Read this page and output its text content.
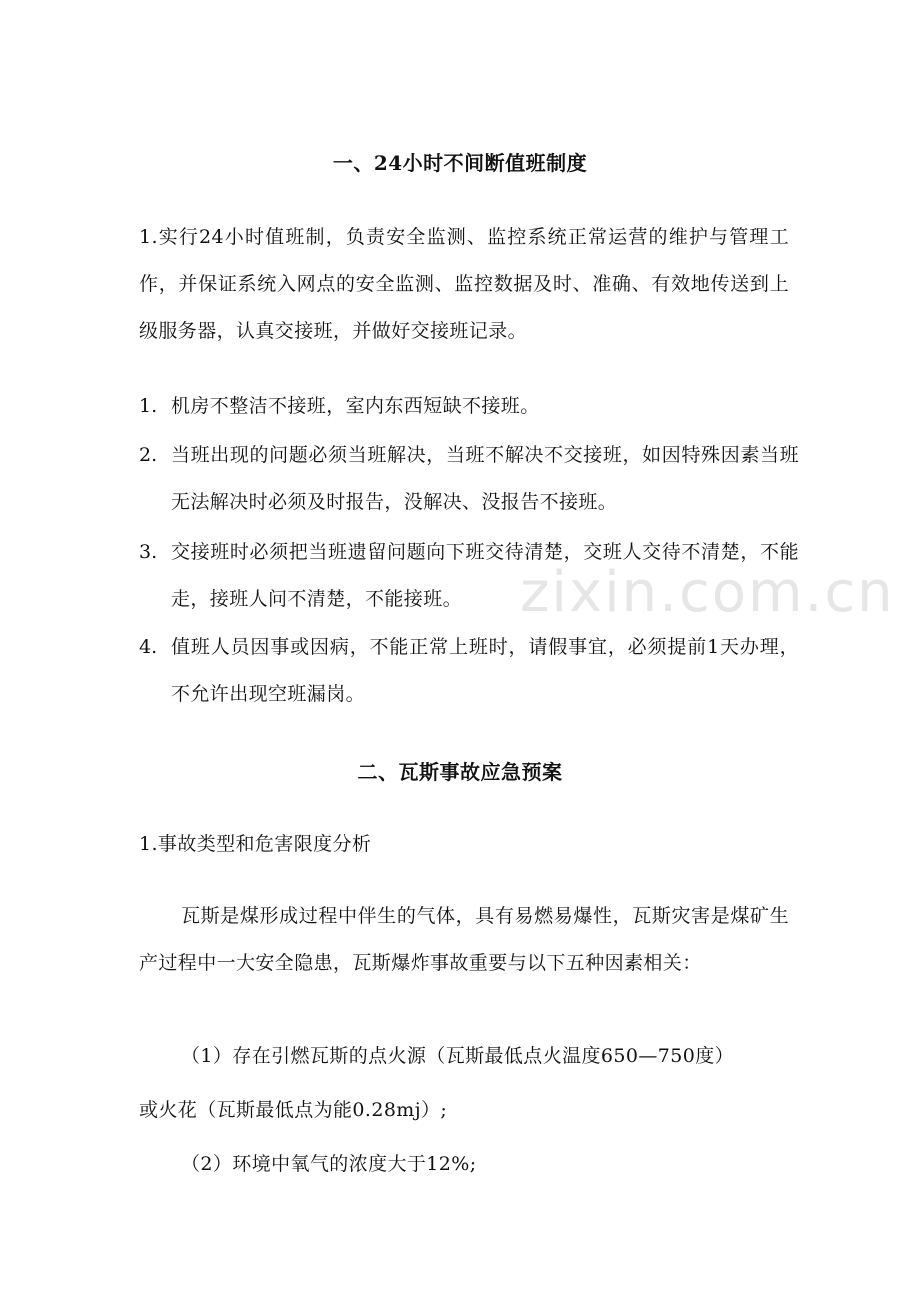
zixin.com.cn
一、24小时不间断值班制度
1.实行24小时值班制，负责安全监测、监控系统正常运营的维护与管理工作，并保证系统入网点的安全监测、监控数据及时、准确、有效地传送到上级服务器，认真交接班，并做好交接班记录。
1. 机房不整洁不接班，室内东西短缺不接班。
2. 当班出现的问题必须当班解决，当班不解决不交接班，如因特殊因素当班无法解决时必须及时报告，没解决、没报告不接班。
3. 交接班时必须把当班遗留问题向下班交待清楚，交班人交待不清楚，不能走，接班人问不清楚，不能接班。
4. 值班人员因事或因病，不能正常上班时，请假事宜，必须提前1天办理，不允许出现空班漏岗。
二、瓦斯事故应急预案
1.事故类型和危害限度分析
瓦斯是煤形成过程中伴生的气体，具有易燃易爆性，瓦斯灾害是煤矿生产过程中一大安全隐患，瓦斯爆炸事故重要与以下五种因素相关：
（1）存在引燃瓦斯的点火源（瓦斯最低点火温度650—750度）
或火花（瓦斯最低点为能0.28mj）;
（2）环境中氧气的浓度大于12%;
